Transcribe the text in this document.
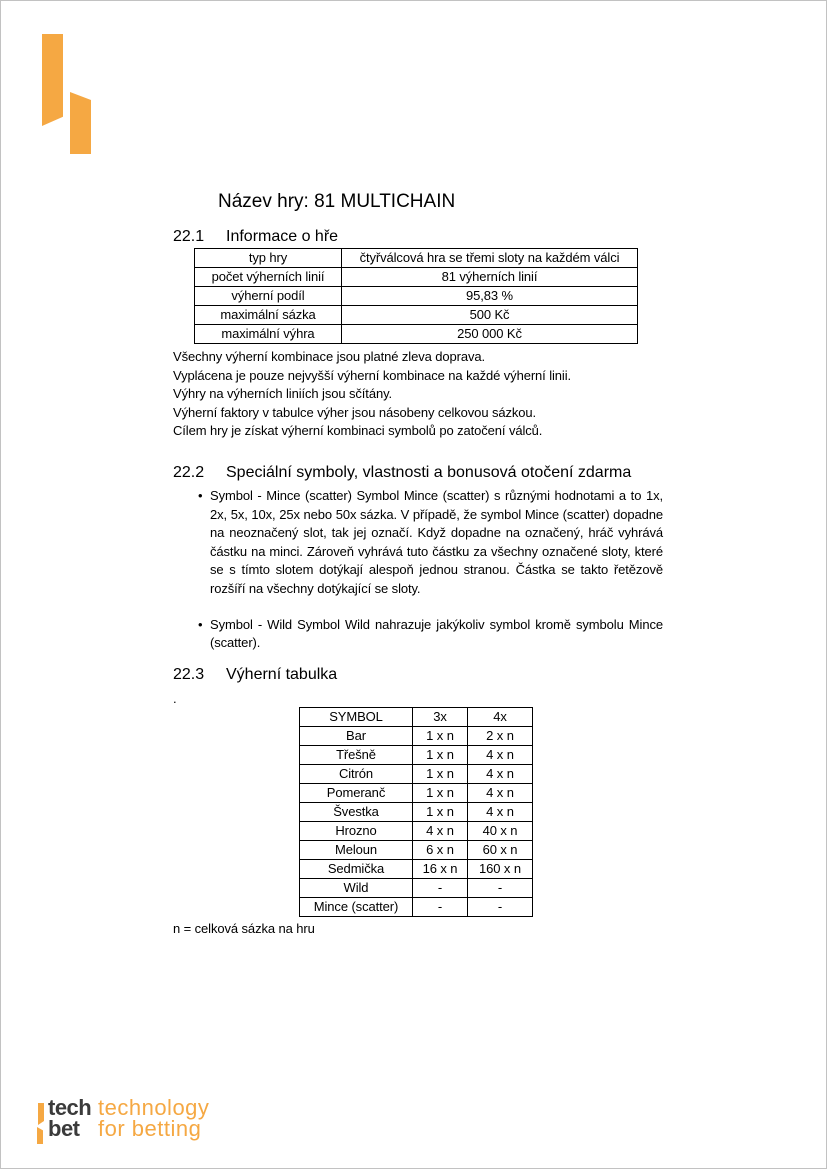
Název hry: 81 MULTICHAIN
22.1 Informace o hře
typ hry	čtyřválcová hra se třemi sloty na každém válci
počet výherních linií	81 výherních linií
výherní podíl	95,83 %
maximální sázka	500 Kč
maximální výhra	250 000 Kč
Všechny výherní kombinace jsou platné zleva doprava.
Vyplácena je pouze nejvyšší výherní kombinace na každé výherní linii.
Výhry na výherních liniích jsou sčítány.
Výherní faktory v tabulce výher jsou násobeny celkovou sázkou.
Cílem hry je získat výherní kombinaci symbolů po zatočení válců.
22.2 Speciální symboly, vlastnosti a bonusová otočení zdarma
• Symbol - Mince (scatter) Symbol Mince (scatter) s různými hodnotami a to 1x, 2x, 5x, 10x, 25x nebo 50x sázka. V případě, že symbol Mince (scatter) dopadne na neoznačený slot, tak jej označí. Když dopadne na označený, hráč vyhrává částku na minci. Zároveň vyhrává tuto částku za všechny označené sloty, které se s tímto slotem dotýkají alespoň jednou stranou. Částka se takto řetězově rozšíří na všechny dotýkající se sloty.
• Symbol - Wild Symbol Wild nahrazuje jakýkoliv symbol kromě symbolu Mince (scatter).
22.3 Výherní tabulka
.
SYMBOL	3x	4x
Bar	1 x n	2 x n
Třešně	1 x n	4 x n
Citrón	1 x n	4 x n
Pomeranč	1 x n	4 x n
Švestka	1 x n	4 x n
Hrozno	4 x n	40 x n
Meloun	6 x n	60 x n
Sedmička	16 x n	160 x n
Wild	-	-
Mince (scatter)	-	-
n = celková sázka na hru
tech technology
bet for betting
